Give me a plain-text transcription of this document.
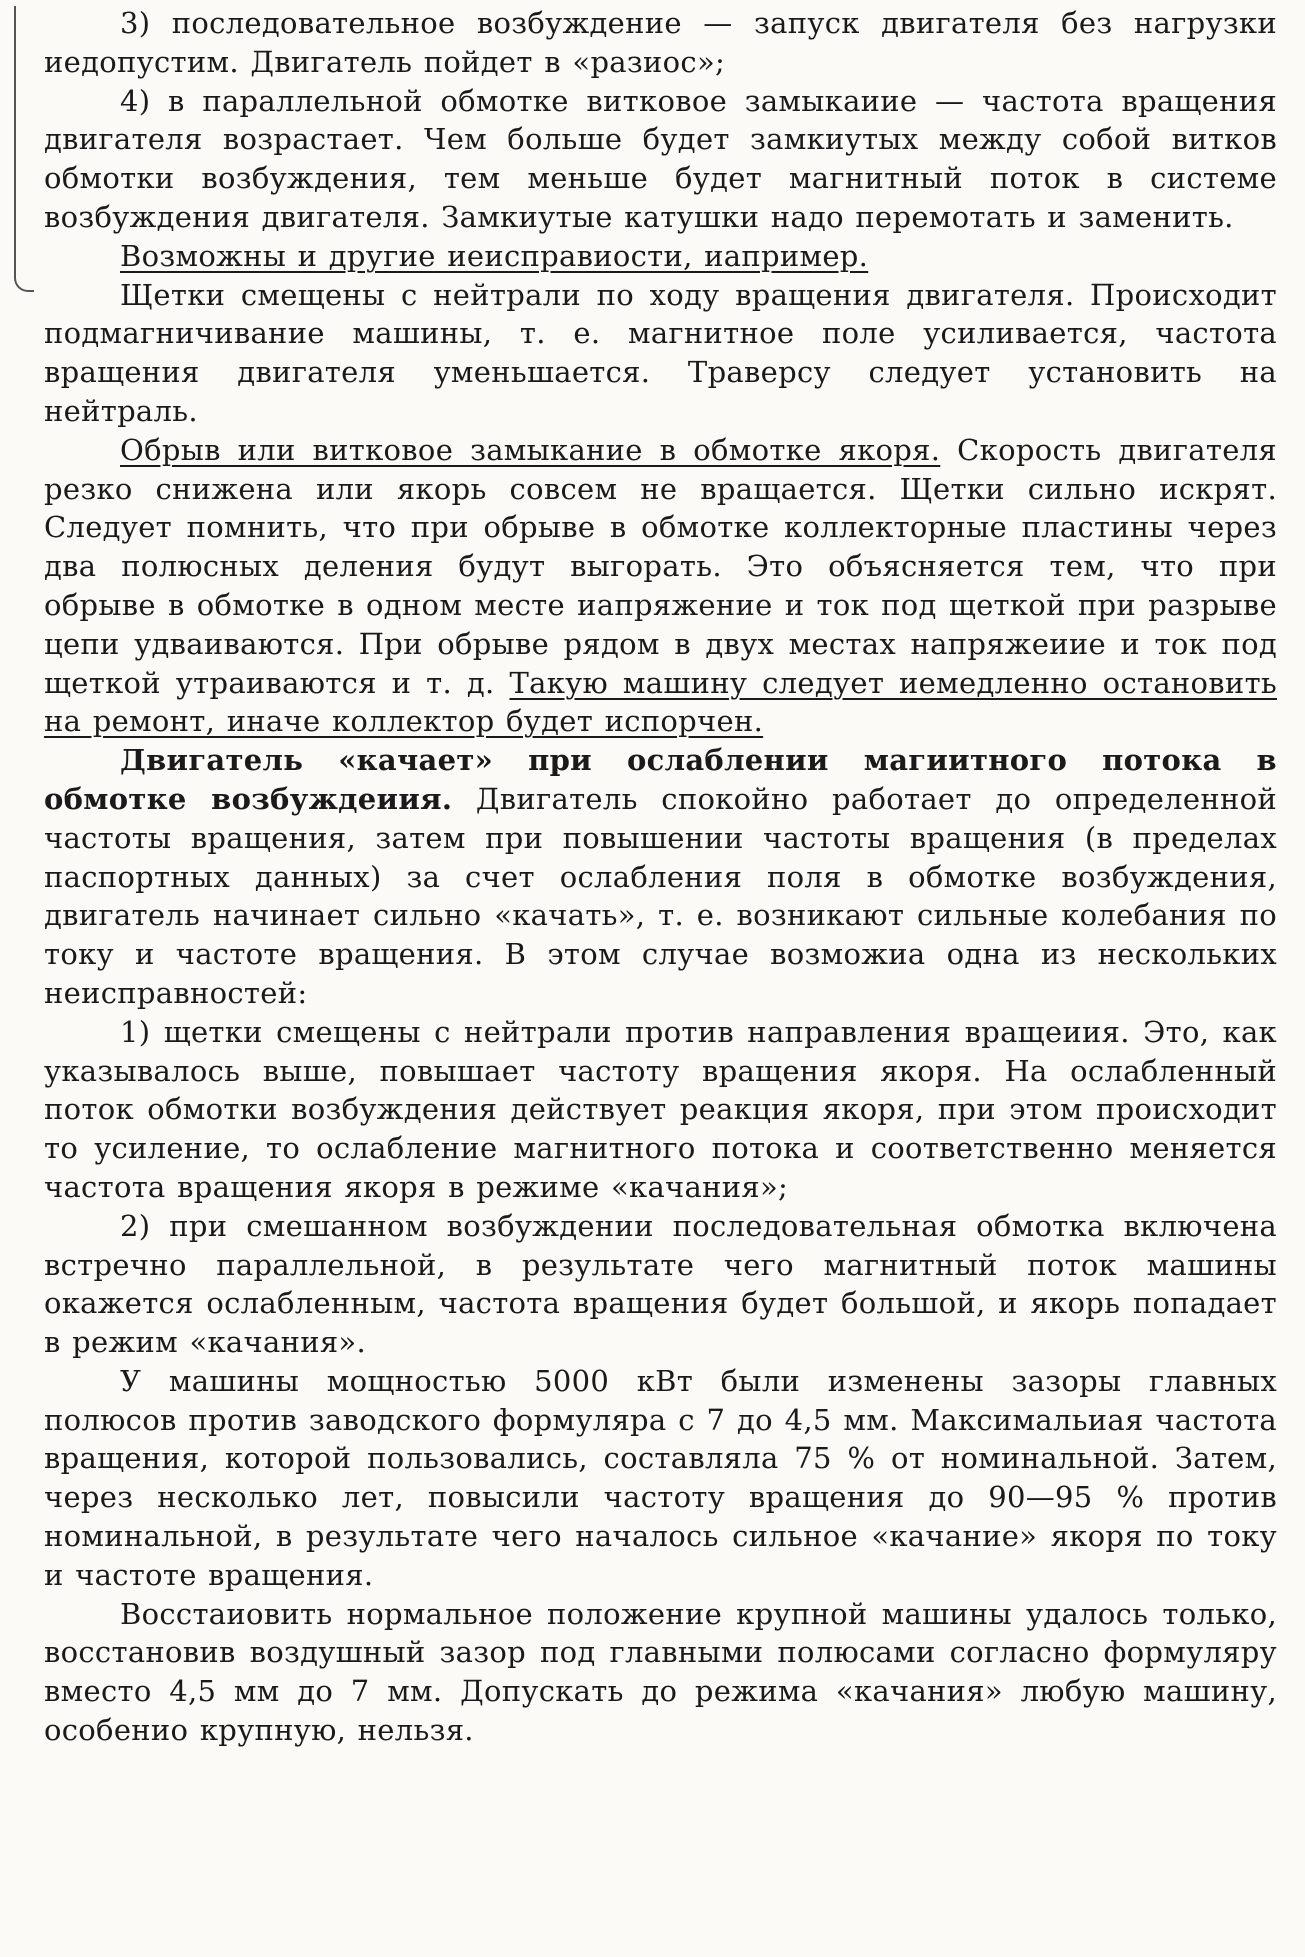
3) последовательное возбуждение — запуск двигателя без нагрузки иедопустим. Двигатель пойдет в «разиос»;

4) в параллельной обмотке витковое замыкаиие — частота вращения двигателя возрастает. Чем больше будет замкиутых между собой витков обмотки возбуждения, тем меньше будет магнитный поток в системе возбуждения двигателя. Замкиутые катушки надо перемотать и заменить.

Возможны и другие иеисправиости, иапример.

Щетки смещены с нейтрали по ходу вращения двигателя. Происходит подмагничивание машины, т. е. магнитное поле усиливается, частота вращения двигателя уменьшается. Траверсу следует установить на нейтраль.

Обрыв или витковое замыкание в обмотке якоря. Скорость двигателя резко снижена или якорь совсем не вращается. Щетки сильно искрят. Следует помнить, что при обрыве в обмотке коллекторные пластины через два полюсных деления будут выгорать. Это объясняется тем, что при обрыве в обмотке в одном месте иапряжение и ток под щеткой при разрыве цепи удваиваются. При обрыве рядом в двух местах напряжеиие и ток под щеткой утраиваются и т. д. Такую машину следует иемедленно остановить на ремонт, иначе коллектор будет испорчен.

Двигатель «качает» при ослаблении магиитного потока в обмотке возбуждеиия. Двигатель спокойно работает до определенной частоты вращения, затем при повышении частоты вращения (в пределах паспортных данных) за счет ослабления поля в обмотке возбуждения, двигатель начинает сильно «качать», т. е. возникают сильные колебания по току и частоте вращения. В этом случае возможиа одна из нескольких неисправностей:

1) щетки смещены с нейтрали против направления вращеиия. Это, как указывалось выше, повышает частоту вращения якоря. На ослабленный поток обмотки возбуждения действует реакция якоря, при этом происходит то усиление, то ослабление магнитного потока и соответственно меняется частота вращения якоря в режиме «качания»;

2) при смешанном возбуждении последовательная обмотка включена встречно параллельной, в результате чего магнитный поток машины окажется ослабленным, частота вращения будет большой, и якорь попадает в режим «качания».

У машины мощностью 5000 кВт были изменены зазоры главных полюсов против заводского формуляра с 7 до 4,5 мм. Максимальиая частота вращения, которой пользовались, составляла 75 % от номинальной. Затем, через несколько лет, повысили частоту вращения до 90—95 % против номинальной, в результате чего началось сильное «качание» якоря по току и частоте вращения.

Восстаиовить нормальное положение крупной машины удалось только, восстановив воздушный зазор под главными полюсами согласно формуляру вместо 4,5 мм до 7 мм. Допускать до режима «качания» любую машину, особенио крупную, нельзя.
